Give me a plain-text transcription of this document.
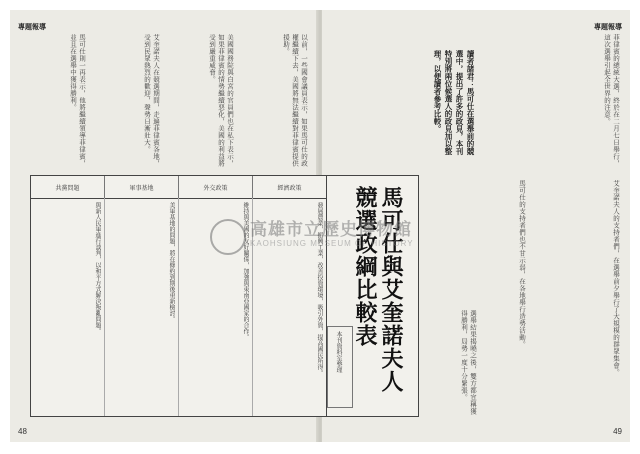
專題報導
以前，一些國會議員表示，如果馬可仕的政權繼續下去，美國將無法繼續對菲律賓提供援助。
美國國務院與白宮的官員們也在私下表示，如果菲律賓的情勢繼續惡化，美國的利益將受到嚴重威脅。
艾奎諾夫人在競選期間，走遍菲律賓各地，受到民眾熱烈的歡迎，聲勢日漸壯大。
馬可仕則一再表示，他將繼續領導菲律賓，並且在選舉中獲得勝利。
48
專題報導
讀者諸君：馬可仕在選舉前的競選中，提出了許多的政見，本刊特別將兩位候選人的政見加以整理，以便讀者參考比較。	菲律賓的總統大選，終於在二月七日舉行，這次選舉引起全世界的注意。
艾奎諾夫人的支持者們，在選舉前夕舉行了大規模的群眾集會。
馬可仕的支持者們也不甘示弱，在各地舉行造勢活動。
選舉結果揭曉之後，雙方都宣稱獲得勝利，局勢一度十分緊張。
馬可仕與艾奎諾夫人
競選政綱比較表
本刊資料室整理
49
共黨問題	軍事基地	外交政策	經濟政策
與新人民軍進行談判，以和平方式解決叛亂問題。	美軍基地的問題，將在條約到期後重新檢討。	維持與美國的友好關係，加強與東南亞國家的合作。	發展農業，振興工業，改善投資環境，吸引外資，提高國民所得。
高雄市立歷史博物館
KAOHSIUNG MUSEUM OF HISTORY
